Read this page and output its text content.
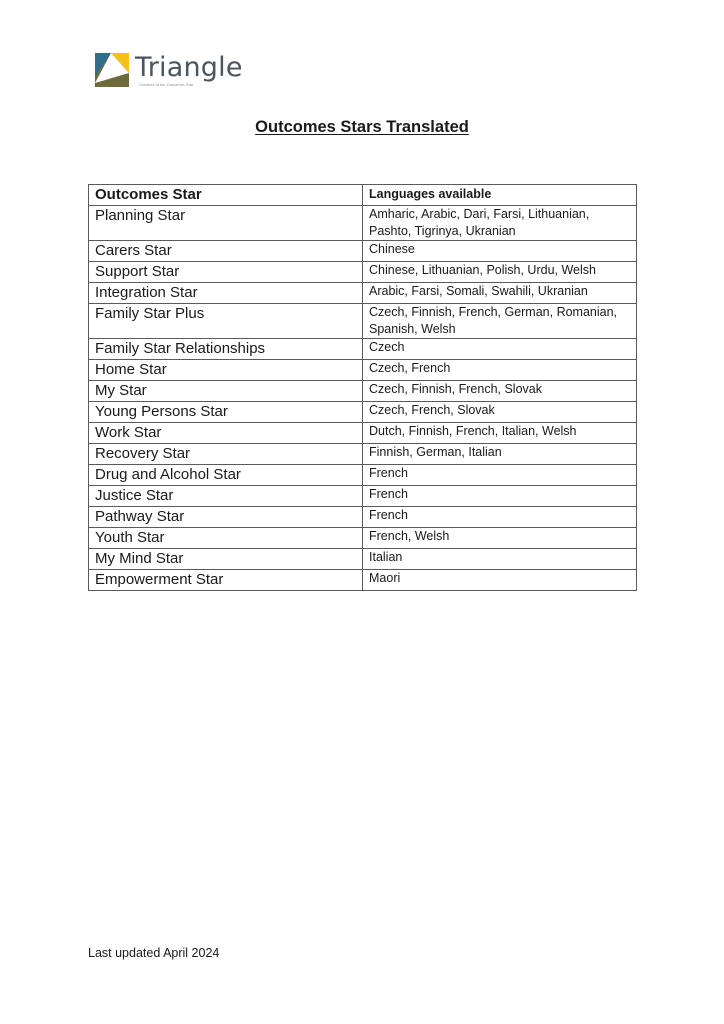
Triangle
Creators of the Outcomes Star
Outcomes Stars Translated
Outcomes Star	Languages available
Planning Star	Amharic, Arabic, Dari, Farsi, Lithuanian, Pashto, Tigrinya, Ukranian
Carers Star	Chinese
Support Star	Chinese, Lithuanian, Polish, Urdu, Welsh
Integration Star	Arabic, Farsi, Somali, Swahili, Ukranian
Family Star Plus	Czech, Finnish, French, German, Romanian, Spanish, Welsh
Family Star Relationships	Czech
Home Star	Czech, French
My Star	Czech, Finnish, French, Slovak
Young Persons Star	Czech, French, Slovak
Work Star	Dutch, Finnish, French, Italian, Welsh
Recovery Star	Finnish, German, Italian
Drug and Alcohol Star	French
Justice Star	French
Pathway Star	French
Youth Star	French, Welsh
My Mind Star	Italian
Empowerment Star	Maori
Last updated April 2024
